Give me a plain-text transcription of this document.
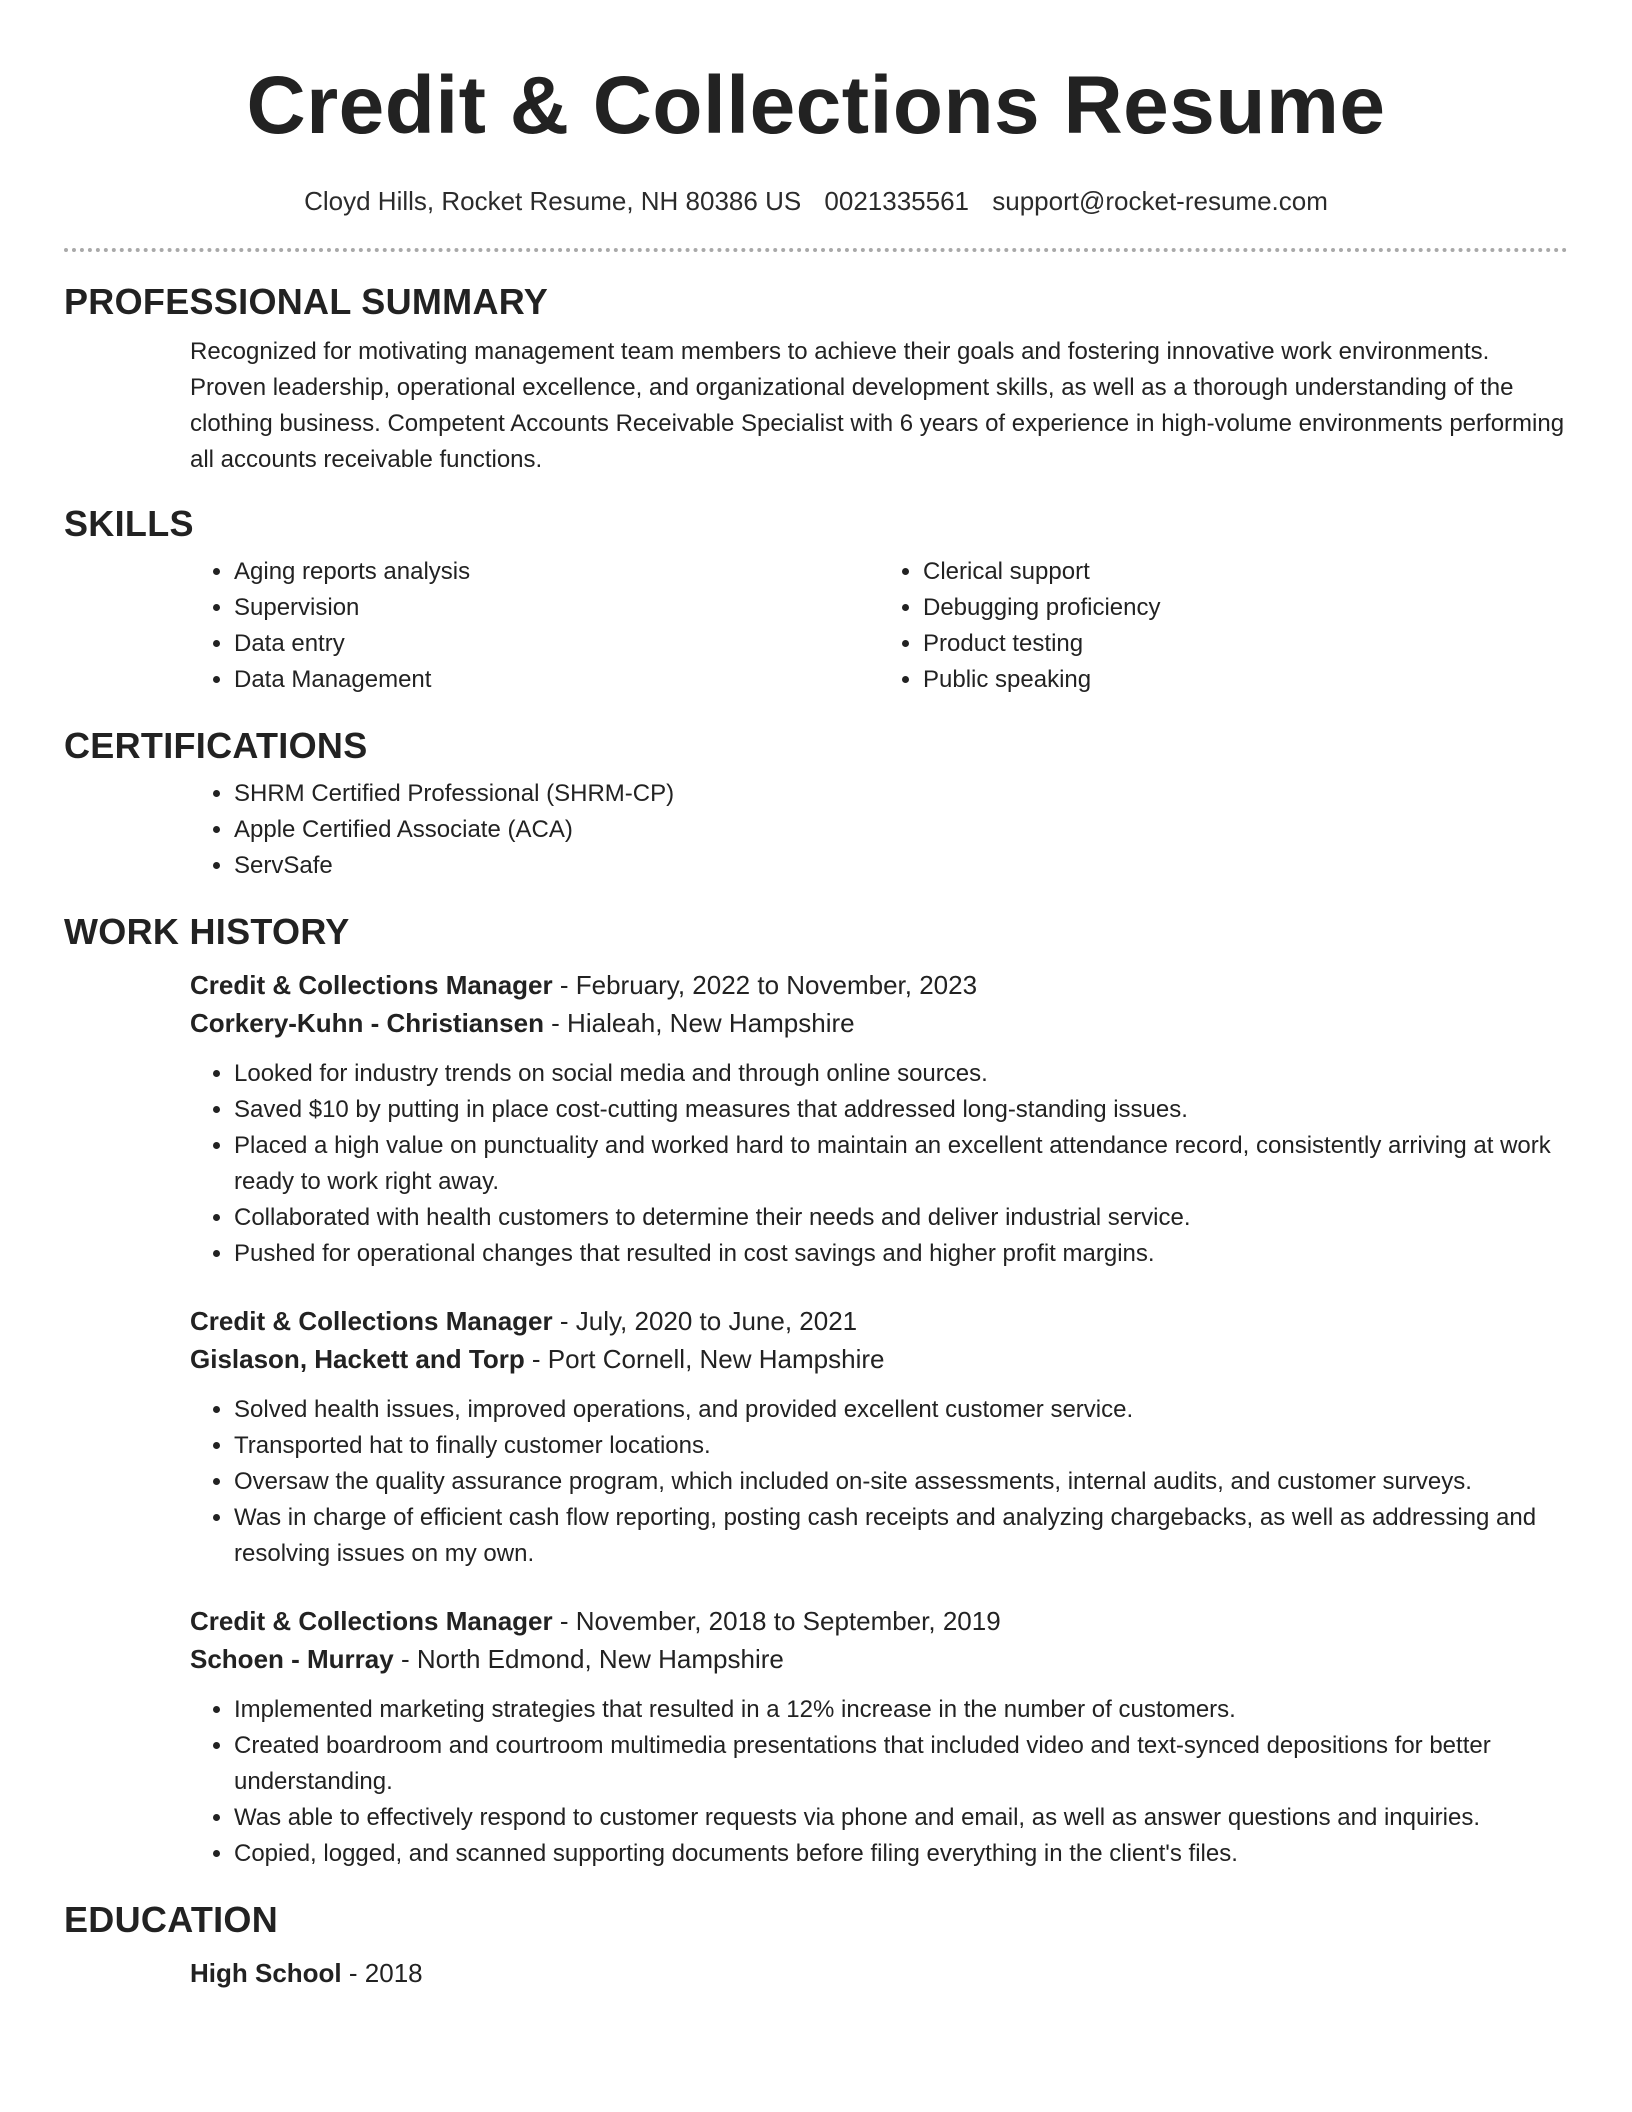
Credit & Collections Resume
Cloyd Hills, Rocket Resume, NH 80386 US 0021335561 support@rocket-resume.com
PROFESSIONAL SUMMARY

Recognized for motivating management team members to achieve their goals and fostering innovative work environments. Proven leadership, operational excellence, and organizational development skills, as well as a thorough understanding of the clothing business. Competent Accounts Receivable Specialist with 6 years of experience in high-volume environments performing all accounts receivable functions.

SKILLS
• Aging reports analysis
• Supervision
• Data entry
• Data Management
• Clerical support
• Debugging proficiency
• Product testing
• Public speaking
CERTIFICATIONS
• SHRM Certified Professional (SHRM-CP)
• Apple Certified Associate (ACA)
• ServSafe
WORK HISTORY
Credit & Collections Manager - February, 2022 to November, 2023
Corkery-Kuhn - Christiansen - Hialeah, New Hampshire
• Looked for industry trends on social media and through online sources.
• Saved $10 by putting in place cost-cutting measures that addressed long-standing issues.
• Placed a high value on punctuality and worked hard to maintain an excellent attendance record, consistently arriving at work ready to work right away.
• Collaborated with health customers to determine their needs and deliver industrial service.
• Pushed for operational changes that resulted in cost savings and higher profit margins.
Credit & Collections Manager - July, 2020 to June, 2021
Gislason, Hackett and Torp - Port Cornell, New Hampshire
• Solved health issues, improved operations, and provided excellent customer service.
• Transported hat to finally customer locations.
• Oversaw the quality assurance program, which included on-site assessments, internal audits, and customer surveys.
• Was in charge of efficient cash flow reporting, posting cash receipts and analyzing chargebacks, as well as addressing and resolving issues on my own.
Credit & Collections Manager - November, 2018 to September, 2019
Schoen - Murray - North Edmond, New Hampshire
• Implemented marketing strategies that resulted in a 12% increase in the number of customers.
• Created boardroom and courtroom multimedia presentations that included video and text-synced depositions for better understanding.
• Was able to effectively respond to customer requests via phone and email, as well as answer questions and inquiries.
• Copied, logged, and scanned supporting documents before filing everything in the client's files.
EDUCATION
High School - 2018
